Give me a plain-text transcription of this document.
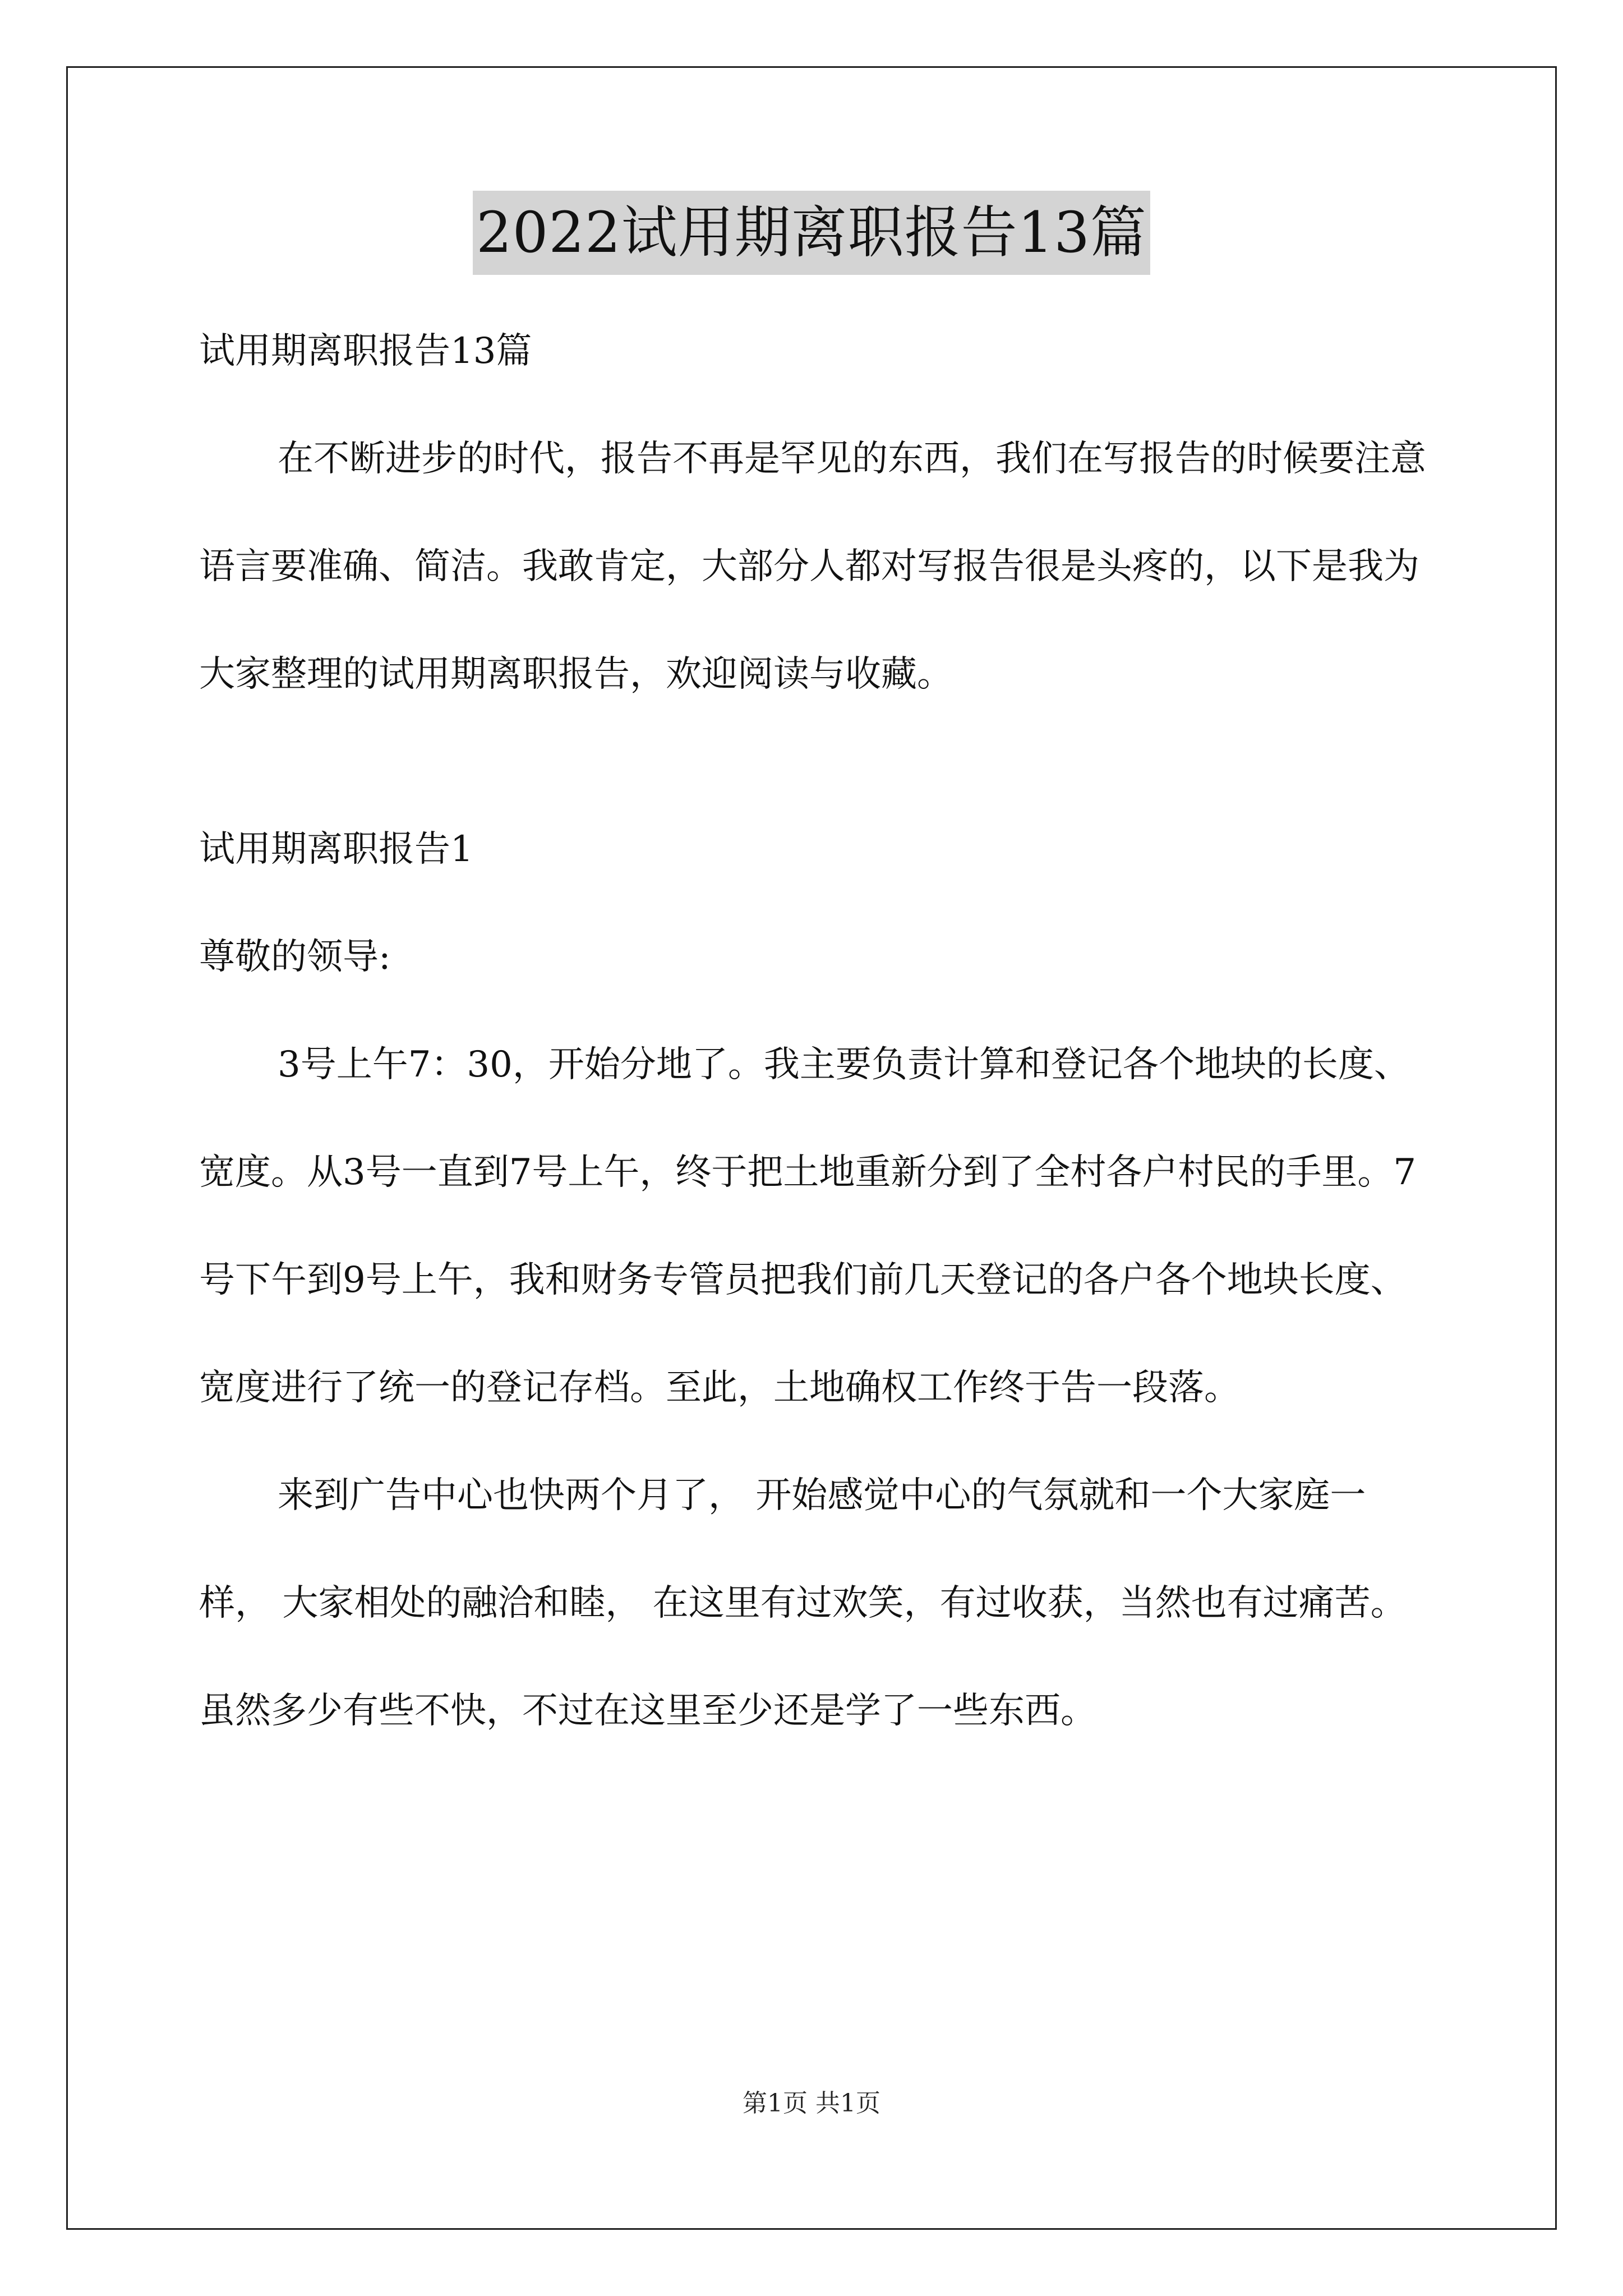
2022试用期离职报告13篇

试用期离职报告13篇

在不断进步的时代，报告不再是罕见的东西，我们在写报告的时候要注意语言要准确、简洁。我敢肯定，大部分人都对写报告很是头疼的，以下是我为大家整理的试用期离职报告，欢迎阅读与收藏。

试用期离职报告1

尊敬的领导:

3号上午7：30，开始分地了。我主要负责计算和登记各个地块的长度、宽度。从3号一直到7号上午，终于把土地重新分到了全村各户村民的手里。7号下午到9号上午，我和财务专管员把我们前几天登记的各户各个地块长度、宽度进行了统一的登记存档。至此，土地确权工作终于告一段落。

来到广告中心也快两个月了， 开始感觉中心的气氛就和一个大家庭一样， 大家相处的融洽和睦， 在这里有过欢笑，有过收获，当然也有过痛苦。虽然多少有些不快，不过在这里至少还是学了一些东西。

第1页 共1页
